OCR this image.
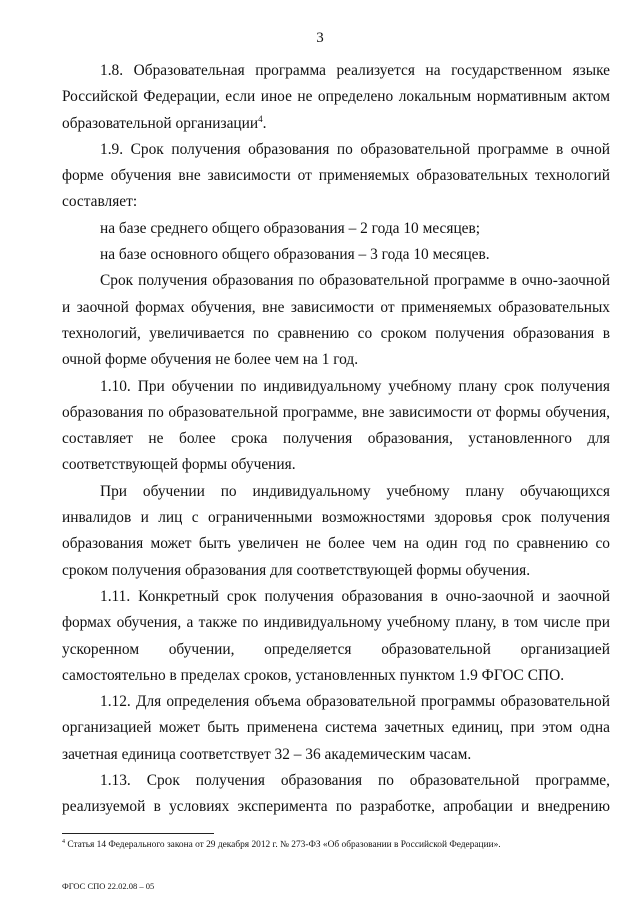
3

1.8. Образовательная программа реализуется на государственном языке Российской Федерации, если иное не определено локальным нормативным актом образовательной организации$^4$.

1.9. Срок получения образования по образовательной программе в очной форме обучения вне зависимости от применяемых образовательных технологий составляет:

на базе среднего общего образования – 2 года 10 месяцев;

на базе основного общего образования – 3 года 10 месяцев.

Срок получения образования по образовательной программе в очно-заочной и заочной формах обучения, вне зависимости от применяемых образовательных технологий, увеличивается по сравнению со сроком получения образования в очной форме обучения не более чем на 1 год.

1.10. При обучении по индивидуальному учебному плану срок получения образования по образовательной программе, вне зависимости от формы обучения, составляет не более срока получения образования, установленного для соответствующей формы обучения.

При обучении по индивидуальному учебному плану обучающихся инвалидов и лиц с ограниченными возможностями здоровья срок получения образования может быть увеличен не более чем на один год по сравнению со сроком получения образования для соответствующей формы обучения.

1.11. Конкретный срок получения образования в очно-заочной и заочной формах обучения, а также по индивидуальному учебному плану, в том числе при ускоренном обучении, определяется образовательной организацией самостоятельно в пределах сроков, установленных пунктом 1.9 ФГОС СПО.

1.12. Для определения объема образовательной программы образовательной организацией может быть применена система зачетных единиц, при этом одна зачетная единица соответствует 32 – 36 академическим часам.

1.13. Срок получения образования по образовательной программе, реализуемой в условиях эксперимента по разработке, апробации и внедрению

$^4$ Статья 14 Федерального закона от 29 декабря 2012 г. № 273-ФЗ «Об образовании в Российской Федерации».
ФГОС СПО 22.02.08 – 05
